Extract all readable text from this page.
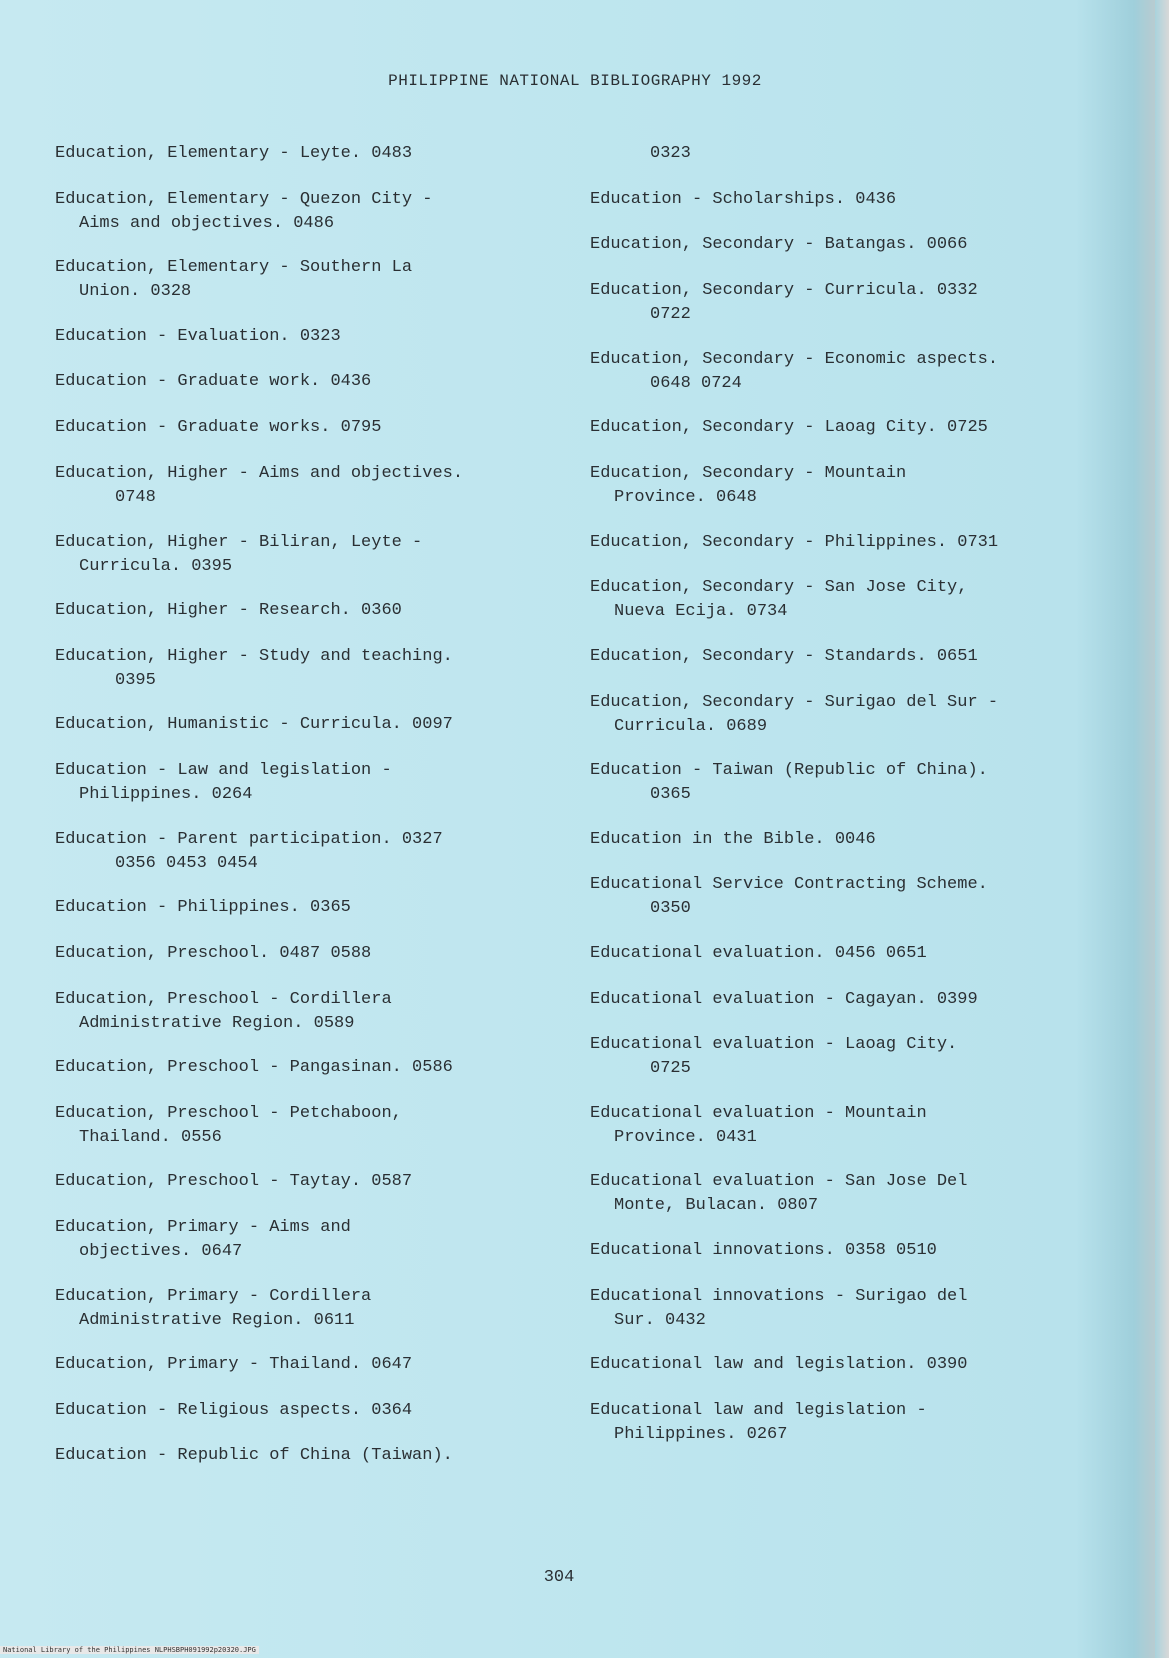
PHILIPPINE NATIONAL BIBLIOGRAPHY 1992
Education, Elementary - Leyte. 0483
Education, Elementary - Quezon City -
Aims and objectives. 0486
Education, Elementary - Southern La
Union. 0328
Education - Evaluation. 0323
Education - Graduate work. 0436
Education - Graduate works. 0795
Education, Higher - Aims and objectives.
0748
Education, Higher - Biliran, Leyte -
Curricula. 0395
Education, Higher - Research. 0360
Education, Higher - Study and teaching.
0395
Education, Humanistic - Curricula. 0097
Education - Law and legislation -
Philippines. 0264
Education - Parent participation. 0327
0356 0453 0454
Education - Philippines. 0365
Education, Preschool. 0487 0588
Education, Preschool - Cordillera
Administrative Region. 0589
Education, Preschool - Pangasinan. 0586
Education, Preschool - Petchaboon,
Thailand. 0556
Education, Preschool - Taytay. 0587
Education, Primary - Aims and
objectives. 0647
Education, Primary - Cordillera
Administrative Region. 0611
Education, Primary - Thailand. 0647
Education - Religious aspects. 0364
Education - Republic of China (Taiwan).
0323
Education - Scholarships. 0436
Education, Secondary - Batangas. 0066
Education, Secondary - Curricula. 0332
0722
Education, Secondary - Economic aspects.
0648 0724
Education, Secondary - Laoag City. 0725
Education, Secondary - Mountain
Province. 0648
Education, Secondary - Philippines. 0731
Education, Secondary - San Jose City,
Nueva Ecija. 0734
Education, Secondary - Standards. 0651
Education, Secondary - Surigao del Sur -
Curricula. 0689
Education - Taiwan (Republic of China).
0365
Education in the Bible. 0046
Educational Service Contracting Scheme.
0350
Educational evaluation. 0456 0651
Educational evaluation - Cagayan. 0399
Educational evaluation - Laoag City.
0725
Educational evaluation - Mountain
Province. 0431
Educational evaluation - San Jose Del
Monte, Bulacan. 0807
Educational innovations. 0358 0510
Educational innovations - Surigao del
Sur. 0432
Educational law and legislation. 0390
Educational law and legislation -
Philippines. 0267
304
National Library of the Philippines NLPHSBPH091992p20320.JPG
